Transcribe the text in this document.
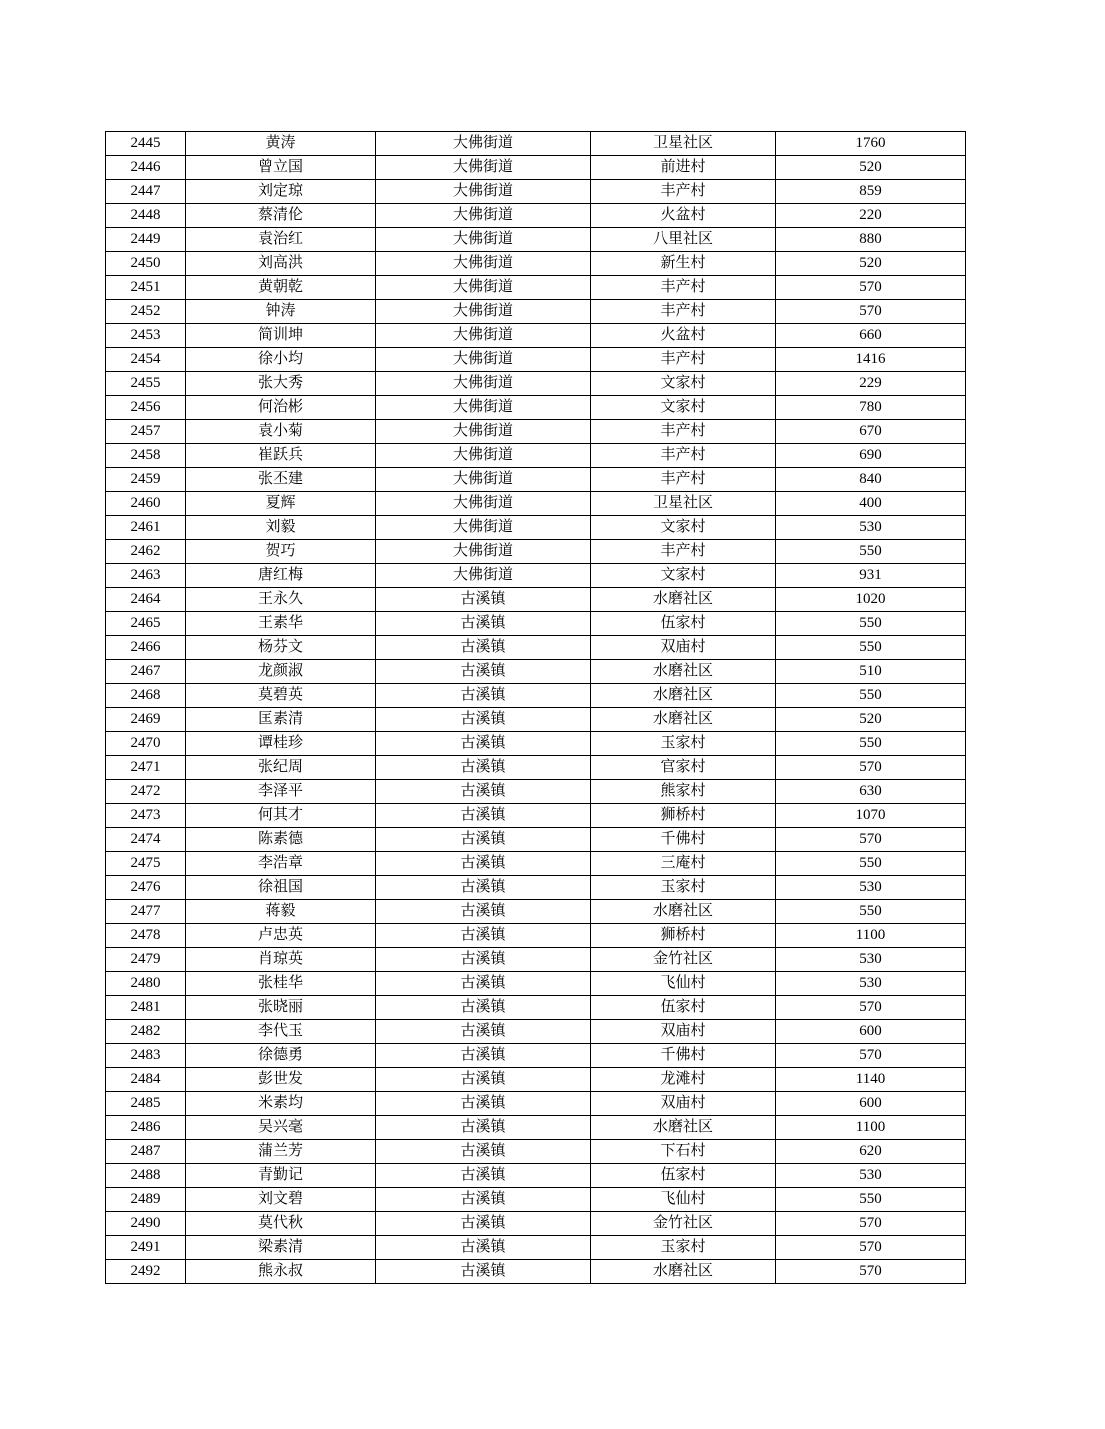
2445	黄涛	大佛街道	卫星社区	1760
2446	曾立国	大佛街道	前进村	520
2447	刘定琼	大佛街道	丰产村	859
2448	蔡清伦	大佛街道	火盆村	220
2449	袁治红	大佛街道	八里社区	880
2450	刘高洪	大佛街道	新生村	520
2451	黄朝乾	大佛街道	丰产村	570
2452	钟涛	大佛街道	丰产村	570
2453	简训坤	大佛街道	火盆村	660
2454	徐小均	大佛街道	丰产村	1416
2455	张大秀	大佛街道	文家村	229
2456	何治彬	大佛街道	文家村	780
2457	袁小菊	大佛街道	丰产村	670
2458	崔跃兵	大佛街道	丰产村	690
2459	张丕建	大佛街道	丰产村	840
2460	夏辉	大佛街道	卫星社区	400
2461	刘毅	大佛街道	文家村	530
2462	贺巧	大佛街道	丰产村	550
2463	唐红梅	大佛街道	文家村	931
2464	王永久	古溪镇	水磨社区	1020
2465	王素华	古溪镇	伍家村	550
2466	杨芬文	古溪镇	双庙村	550
2467	龙颜淑	古溪镇	水磨社区	510
2468	莫碧英	古溪镇	水磨社区	550
2469	匡素清	古溪镇	水磨社区	520
2470	谭桂珍	古溪镇	玉家村	550
2471	张纪周	古溪镇	官家村	570
2472	李泽平	古溪镇	熊家村	630
2473	何其才	古溪镇	狮桥村	1070
2474	陈素德	古溪镇	千佛村	570
2475	李浩章	古溪镇	三庵村	550
2476	徐祖国	古溪镇	玉家村	530
2477	蒋毅	古溪镇	水磨社区	550
2478	卢忠英	古溪镇	狮桥村	1100
2479	肖琼英	古溪镇	金竹社区	530
2480	张桂华	古溪镇	飞仙村	530
2481	张晓丽	古溪镇	伍家村	570
2482	李代玉	古溪镇	双庙村	600
2483	徐德勇	古溪镇	千佛村	570
2484	彭世发	古溪镇	龙滩村	1140
2485	米素均	古溪镇	双庙村	600
2486	吴兴毫	古溪镇	水磨社区	1100
2487	蒲兰芳	古溪镇	下石村	620
2488	青勤记	古溪镇	伍家村	530
2489	刘文碧	古溪镇	飞仙村	550
2490	莫代秋	古溪镇	金竹社区	570
2491	梁素清	古溪镇	玉家村	570
2492	熊永叔	古溪镇	水磨社区	570
